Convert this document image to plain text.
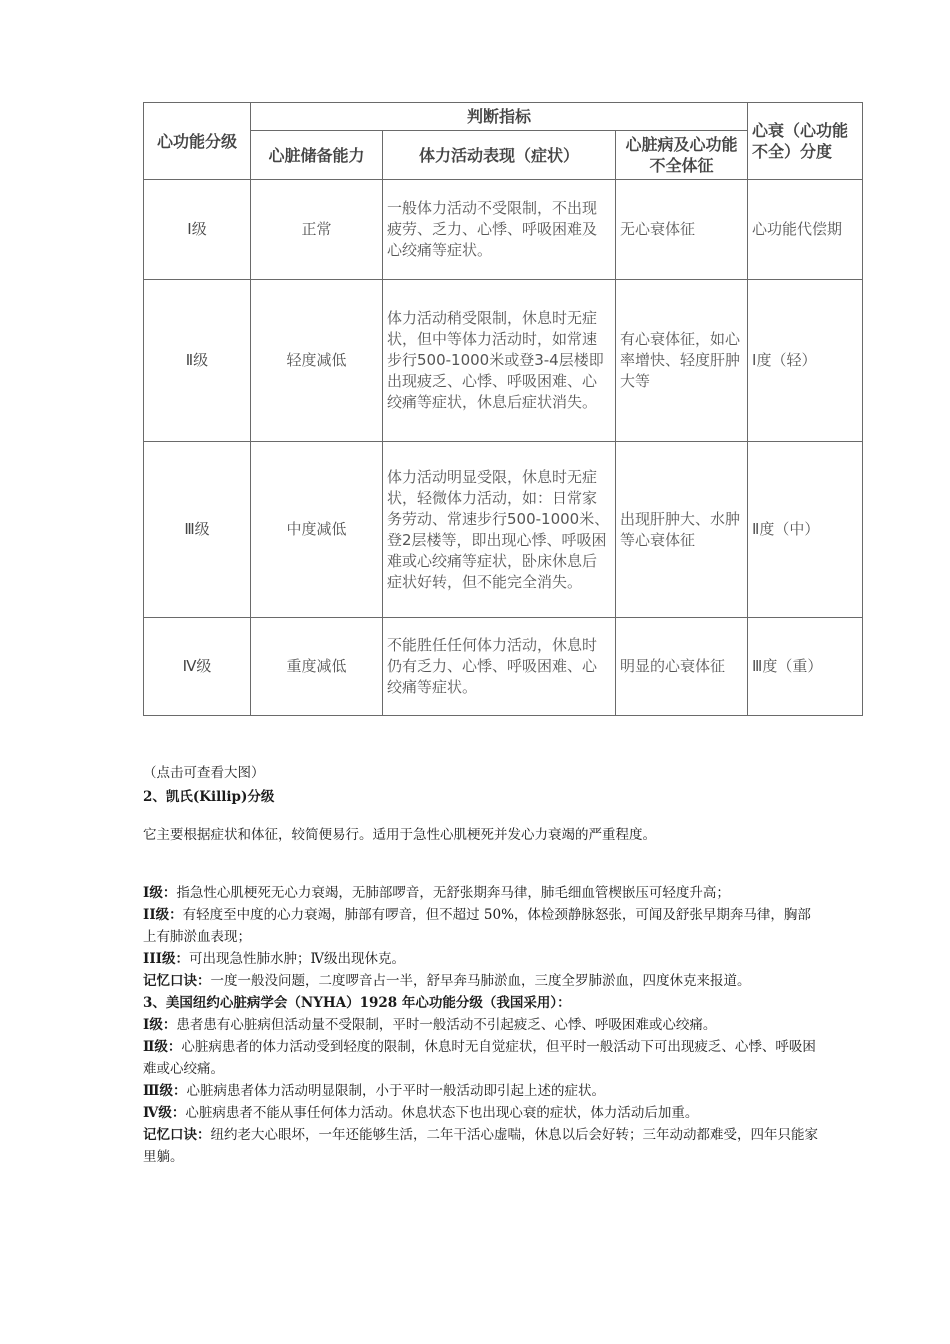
心功能分级	判断指标			心衰（心功能不全）分度
	心脏储备能力	体力活动表现（症状）	心脏病及心功能不全体征	
Ⅰ级	正常	一般体力活动不受限制，不出现疲劳、乏力、心悸、呼吸困难及心绞痛等症状。	无心衰体征	心功能代偿期
Ⅱ级	轻度减低	体力活动稍受限制，休息时无症状，但中等体力活动时，如常速步行500-1000米或登3-4层楼即出现疲乏、心悸、呼吸困难、心绞痛等症状，休息后症状消失。	有心衰体征，如心率增快、轻度肝肿大等	Ⅰ度（轻）
Ⅲ级	中度减低	体力活动明显受限，休息时无症状，轻微体力活动，如：日常家务劳动、常速步行500-1000米、登2层楼等，即出现心悸、呼吸困难或心绞痛等症状，卧床休息后症状好转，但不能完全消失。	出现肝肿大、水肿等心衰体征	Ⅱ度（中）
Ⅳ级	重度减低	不能胜任任何体力活动，休息时仍有乏力、心悸、呼吸困难、心绞痛等症状。	明显的心衰体征	Ⅲ度（重）
（点击可查看大图）
2、凯氏(Killip)分级
它主要根据症状和体征，较简便易行。适用于急性心肌梗死并发心力衰竭的严重程度。

I级：指急性心肌梗死无心力衰竭，无肺部啰音，无舒张期奔马律，肺毛细血管楔嵌压可轻度升高；

II级：有轻度至中度的心力衰竭，肺部有啰音，但不超过 50%，体检颈静脉怒张，可闻及舒张早期奔马律，胸部上有肺淤血表现；

III级：可出现急性肺水肿；Ⅳ级出现休克。

记忆口诀：一度一般没问题，二度啰音占一半，舒早奔马肺淤血，三度全罗肺淤血，四度休克来报道。

3、美国纽约心脏病学会（NYHA）1928 年心功能分级（我国采用）：

Ⅰ级：患者患有心脏病但活动量不受限制，平时一般活动不引起疲乏、心悸、呼吸困难或心绞痛。

Ⅱ级：心脏病患者的体力活动受到轻度的限制，休息时无自觉症状，但平时一般活动下可出现疲乏、心悸、呼吸困难或心绞痛。

Ⅲ级：心脏病患者体力活动明显限制，小于平时一般活动即引起上述的症状。

Ⅳ级：心脏病患者不能从事任何体力活动。休息状态下也出现心衰的症状，体力活动后加重。

记忆口诀：纽约老大心眼坏，一年还能够生活，二年干活心虚喘，休息以后会好转；三年动动都难受，四年只能家里躺。
